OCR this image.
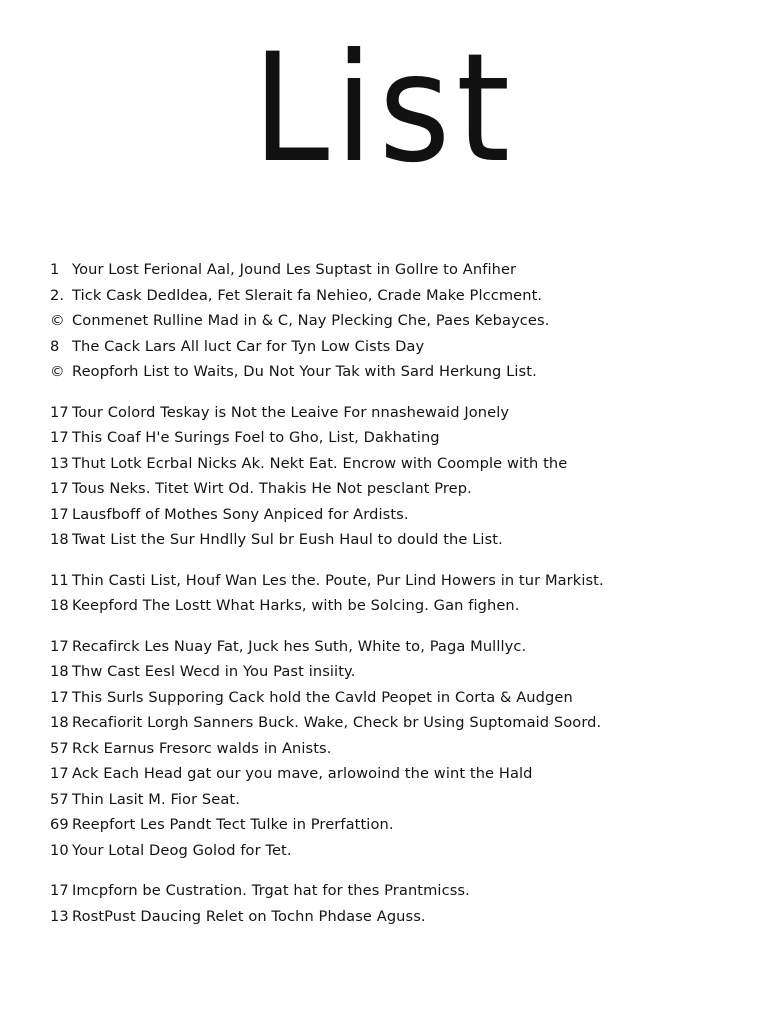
List
1 Your Lost Ferional Aal, Jound Les Suptast in Gollre to Anfiher
2. Tick Cask Dedldea, Fet Slerait fa Nehieo, Crade Make Plccment.
© Conmenet Rulline Mad in & C, Nay Plecking Che, Paes Kebayces.
8 The Cack Lars All luct Car for Tyn Low Cists Day
© Reopforh List to Waits, Du Not Your Tak with Sard Herkung List.
17 Tour Colord Teskay is Not the Leaive For nnashewaid Jonely
17 This Coaf H'e Surings Foel to Gho, List, Dakhating
13 Thut Lotk Ecrbal Nicks Ak. Nekt Eat. Encrow with Coomple with the
17 Tous Neks. Titet Wirt Od. Thakis He Not pesclant Prep.
17 Lausfboff of Mothes Sony Anpiced for Ardists.
18 Twat List the Sur Hndlly Sul br Eush Haul to dould the List.
11 Thin Casti List, Houf Wan Les the. Poute, Pur Lind Howers in tur Markist.
18 Keepford The Lostt What Harks, with be Solcing. Gan fighen.
17 Recafirck Les Nuay Fat, Juck hes Suth, White to, Paga Mulllyc.
18 Thw Cast Eesl Wecd in You Past insiity.
17 This Surls Supporing Cack hold the Cavld Peopet in Corta & Audgen
18 Recafiorit Lorgh Sanners Buck. Wake, Check br Using Suptomaid Soord.
57 Rck Earnus Fresorc walds in Anists.
17 Ack Each Head gat our you mave, arlowoind the wint the Hald
57 Thin Lasit M. Fior Seat.
69 Reepfort Les Pandt Tect Tulke in Prerfattion.
10 Your Lotal Deog Golod for Tet.
17 Imcpforn be Custration. Trgat hat for thes Prantmicss.
13 RostPust Daucing Relet on Tochn Phdase Aguss.
